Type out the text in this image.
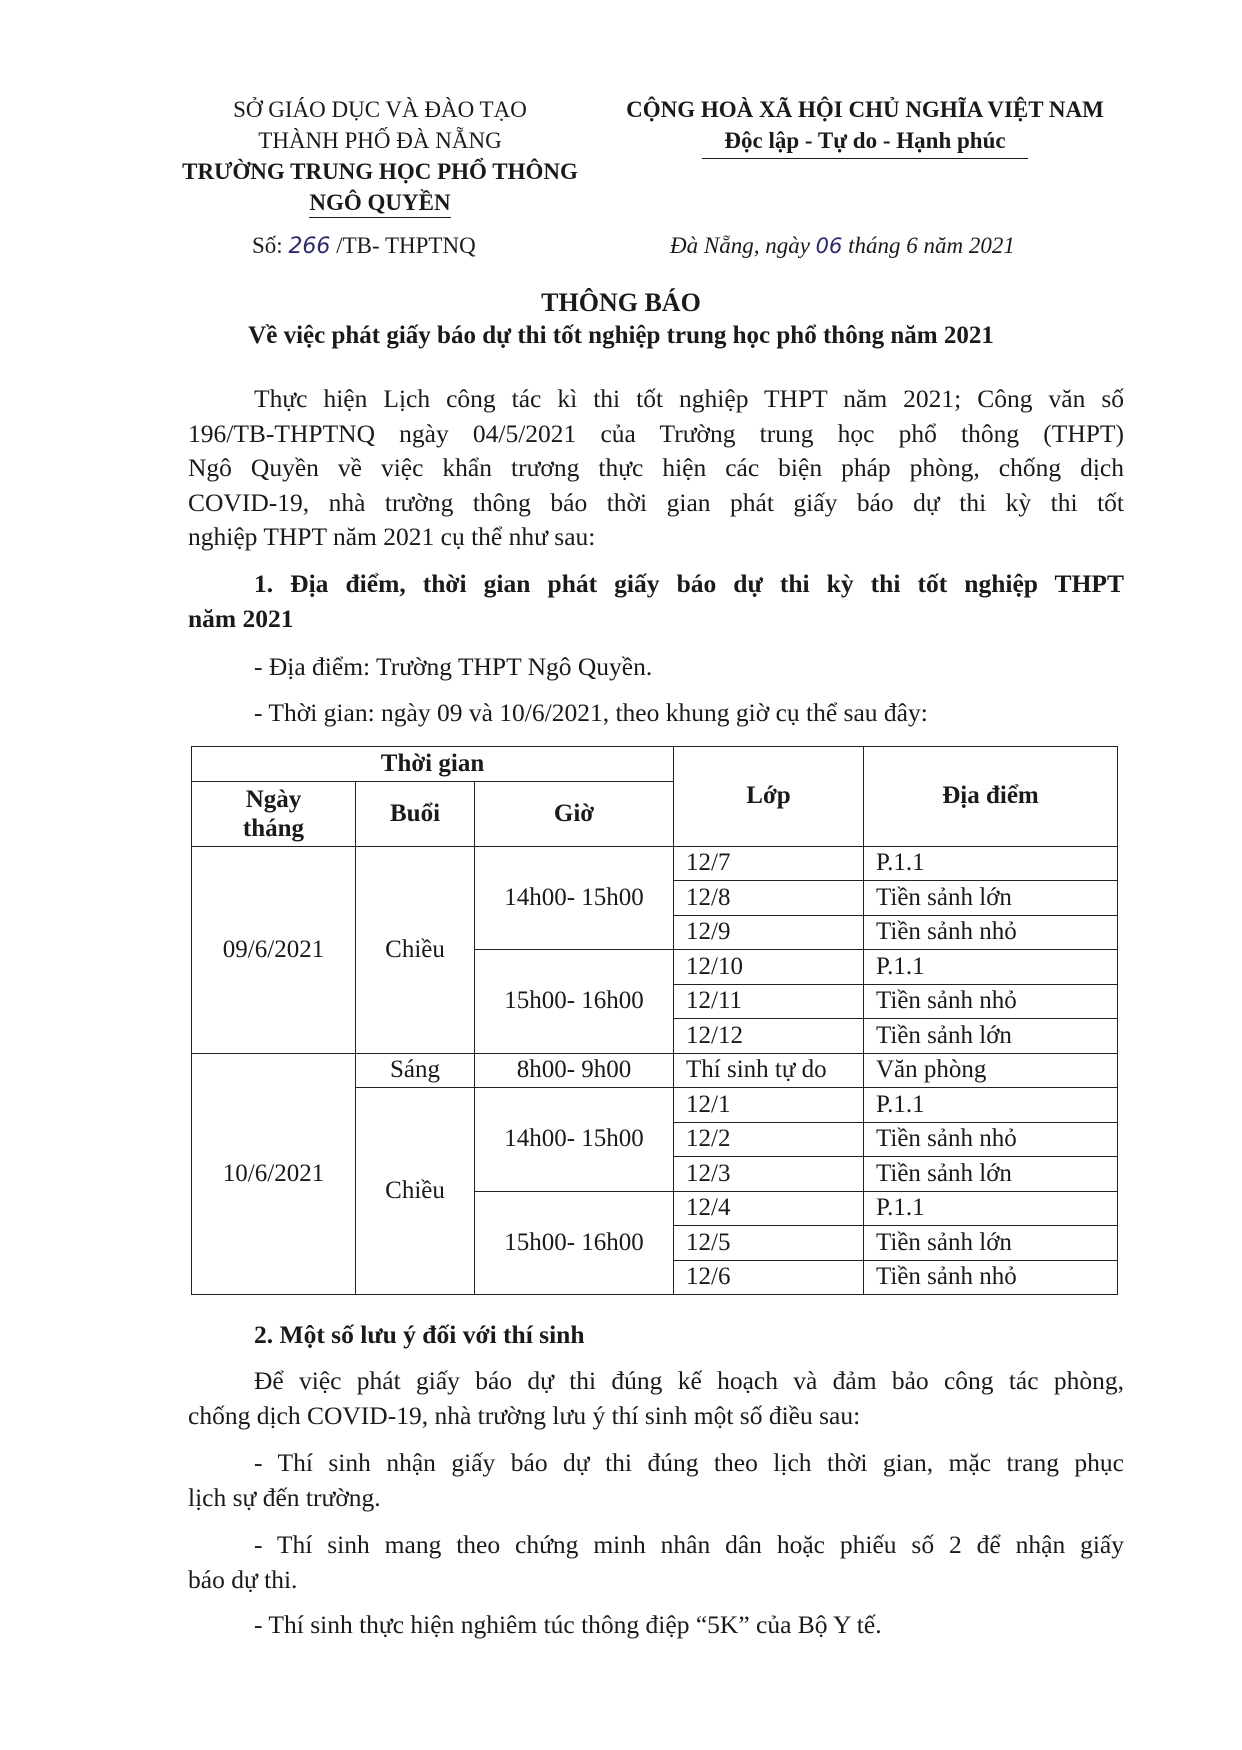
SỞ GIÁO DỤC VÀ ĐÀO TẠO
THÀNH PHỐ ĐÀ NẴNG
TRƯỜNG TRUNG HỌC PHỔ THÔNG
NGÔ QUYỀN
CỘNG HOÀ XÃ HỘI CHỦ NGHĨA VIỆT NAM
Độc lập - Tự do - Hạnh phúc
Số: 266 /TB- THPTNQ	Đà Nẵng, ngày 06 tháng 6 năm 2021
THÔNG BÁO
Về việc phát giấy báo dự thi tốt nghiệp trung học phổ thông năm 2021
Thực hiện Lịch công tác kì thi tốt nghiệp THPT năm 2021; Công văn số
196/TB-THPTNQ ngày 04/5/2021 của Trường trung học phổ thông (THPT)
Ngô Quyền về việc khẩn trương thực hiện các biện pháp phòng, chống dịch
COVID-19, nhà trường thông báo thời gian phát giấy báo dự thi kỳ thi tốt
nghiệp THPT năm 2021 cụ thể như sau:
1. Địa điểm, thời gian phát giấy báo dự thi kỳ thi tốt nghiệp THPT
năm 2021
- Địa điểm: Trường THPT Ngô Quyền.
- Thời gian: ngày 09 và 10/6/2021, theo khung giờ cụ thể sau đây:
Thời gian			Lớp	Địa điểm

Ngày
tháng	Buổi	Giờ		
09/6/2021	Chiều	14h00- 15h00	12/7	P.1.1
			12/8	Tiền sảnh lớn
			12/9	Tiền sảnh nhỏ
		15h00- 16h00	12/10	P.1.1
			12/11	Tiền sảnh nhỏ
			12/12	Tiền sảnh lớn
10/6/2021	Sáng	8h00- 9h00	Thí sinh tự do	Văn phòng
	Chiều	14h00- 15h00	12/1	P.1.1
			12/2	Tiền sảnh nhỏ
			12/3	Tiền sảnh lớn
		15h00- 16h00	12/4	P.1.1
			12/5	Tiền sảnh lớn
			12/6	Tiền sảnh nhỏ
2. Một số lưu ý đối với thí sinh
Để việc phát giấy báo dự thi đúng kế hoạch và đảm bảo công tác phòng,
chống dịch COVID-19, nhà trường lưu ý thí sinh một số điều sau:
- Thí sinh nhận giấy báo dự thi đúng theo lịch thời gian, mặc trang phục
lịch sự đến trường.
- Thí sinh mang theo chứng minh nhân dân hoặc phiếu số 2 để nhận giấy
báo dự thi.
- Thí sinh thực hiện nghiêm túc thông điệp “5K” của Bộ Y tế.
